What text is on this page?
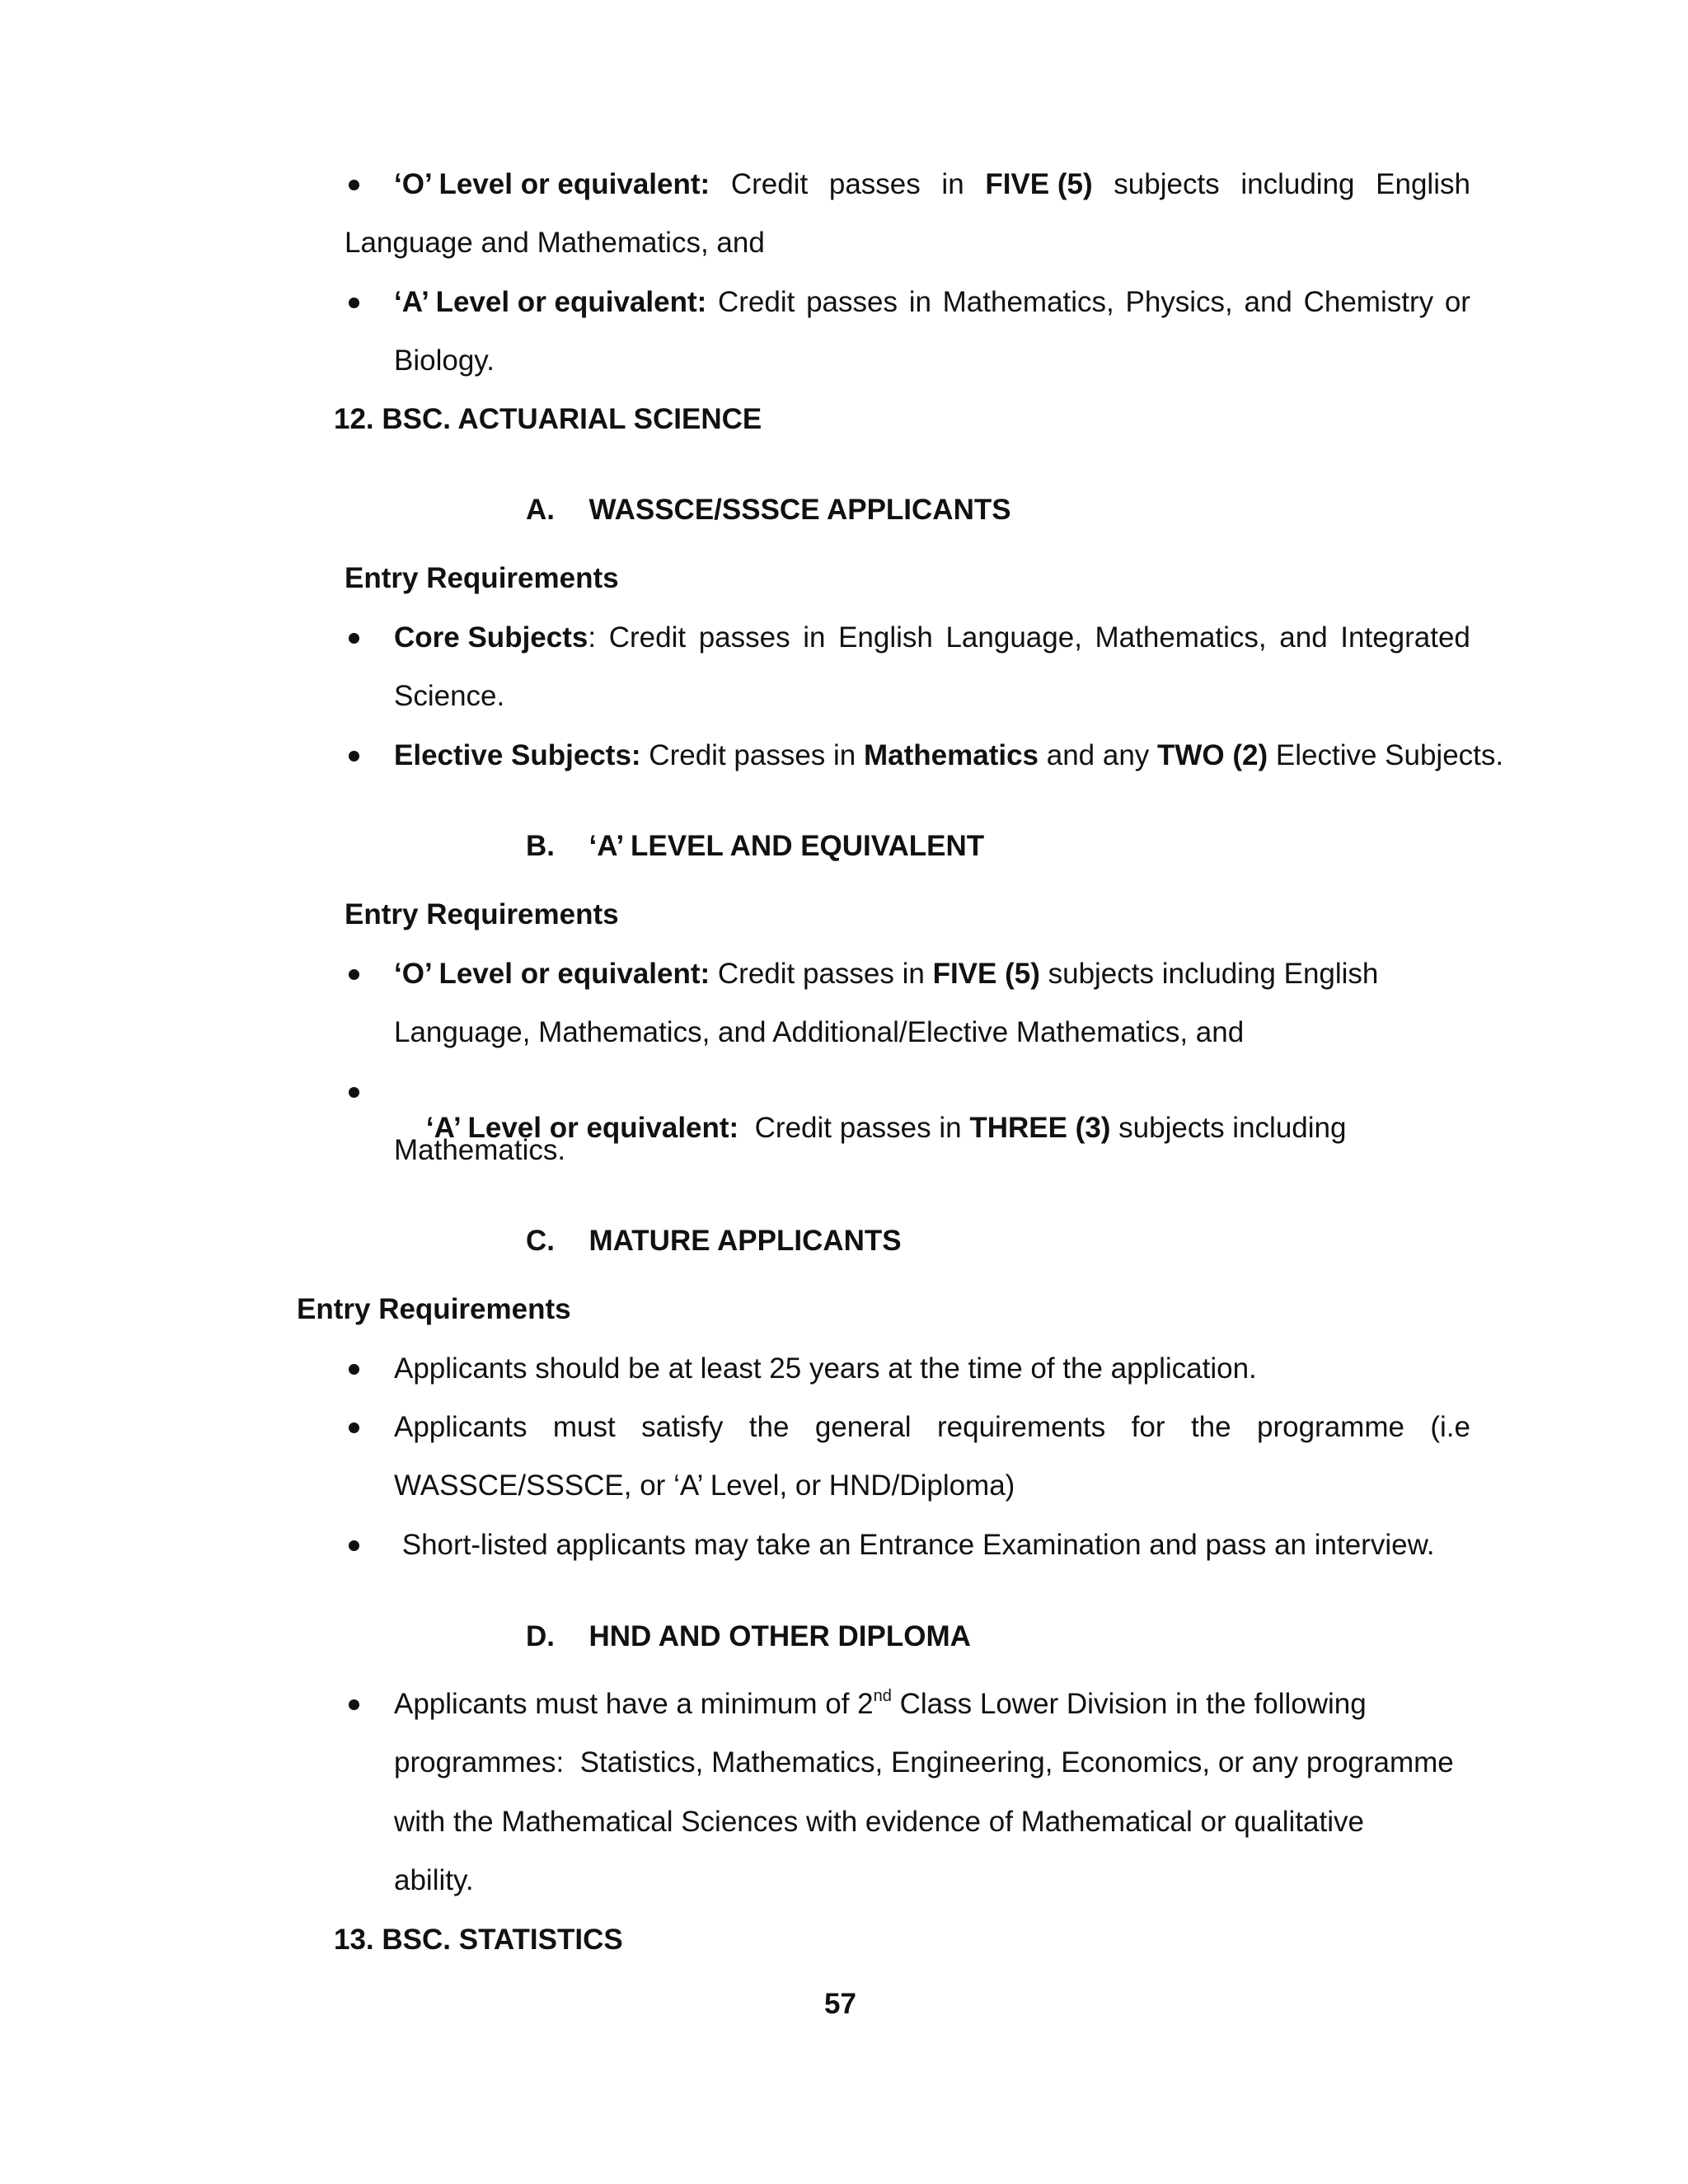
‘O’ Level or equivalent: Credit passes in FIVE (5) subjects including English
Language and Mathematics, and
‘A’ Level or equivalent: Credit passes in Mathematics, Physics, and Chemistry or
Biology.
12. BSC. ACTUARIAL SCIENCE
A. WASSCE/SSSCE APPLICANTS
Entry Requirements
Core Subjects: Credit passes in English Language, Mathematics, and Integrated
Science.
Elective Subjects: Credit passes in Mathematics and any TWO (2) Elective Subjects.
B. ‘A’ LEVEL AND EQUIVALENT
Entry Requirements
‘O’ Level or equivalent: Credit passes in FIVE (5) subjects including English
Language, Mathematics, and Additional/Elective Mathematics, and

‘A’ Level or equivalent:  Credit passes in THREE (3) subjects including

Mathematics.
C. MATURE APPLICANTS
Entry Requirements
Applicants should be at least 25 years at the time of the application.
Applicants must satisfy the general requirements for the programme (i.e
WASSCE/SSSCE, or ‘A’ Level, or HND/Diploma)
Short-listed applicants may take an Entrance Examination and pass an interview.
D. HND AND OTHER DIPLOMA
Applicants must have a minimum of 2nd Class Lower Division in the following
programmes:  Statistics, Mathematics, Engineering, Economics, or any programme
with the Mathematical Sciences with evidence of Mathematical or qualitative
ability.
13. BSC. STATISTICS
57
